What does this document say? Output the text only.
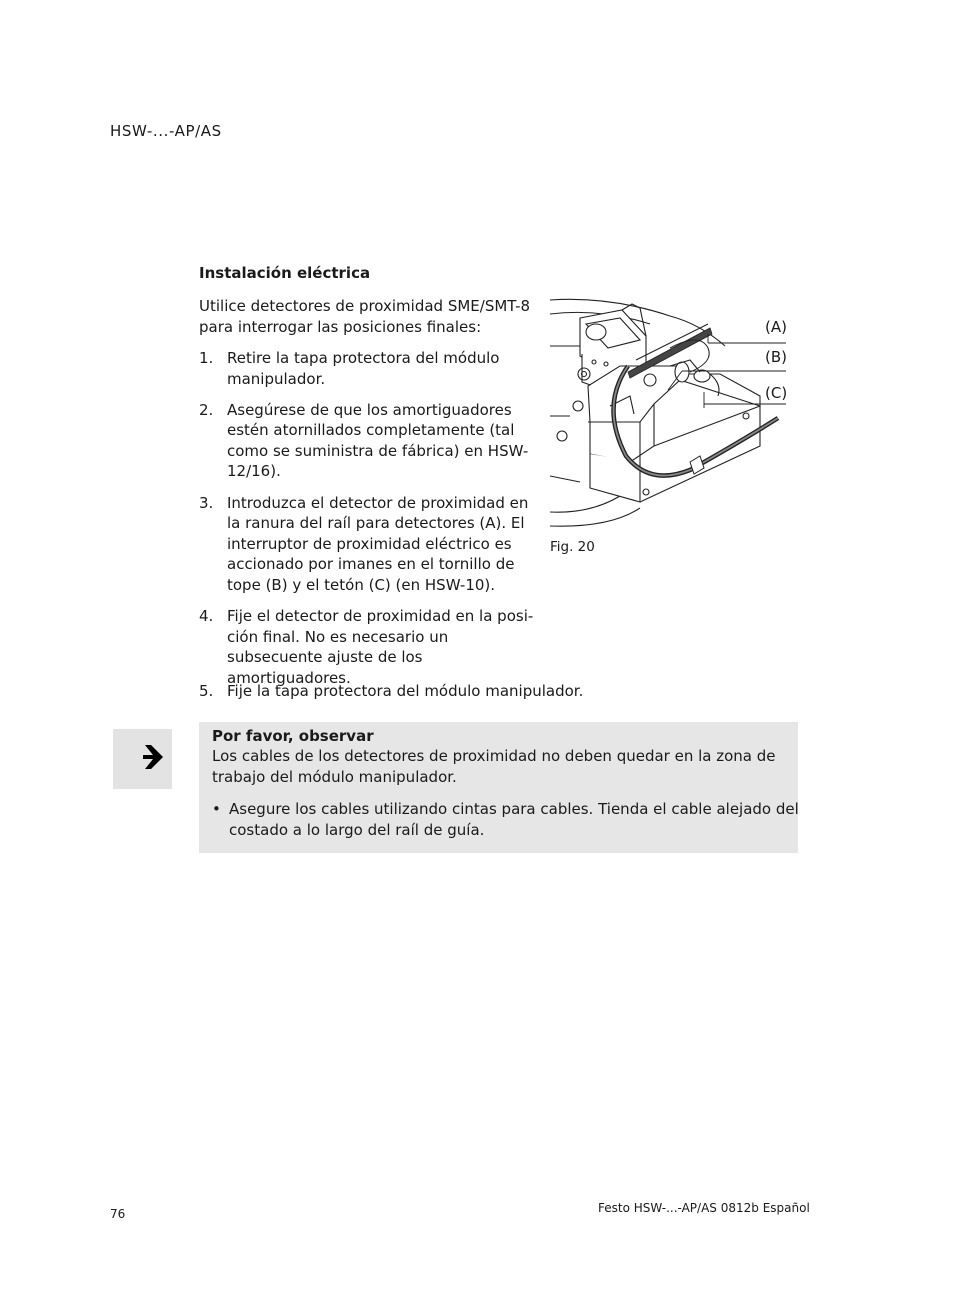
HSW-...-AP/AS
Instalación eléctrica
Utilice detectores de proximidad SME/SMT-8 para interrogar las posiciones finales:
1. Retire la tapa protectora del módulo manipulador.
2. Asegúrese de que los amortiguadores estén atornillados completamente (tal como se suministra de fábrica) en HSW-12/16).
3. Introduzca el detector de proximidad en la ranura del raíl para detectores (A). El interruptor de proximidad eléctrico es accionado por imanes en el tornillo de tope (B) y el tetón (C) (en HSW-10).
4. Fije el detector de proximidad en la posi-ción final. No es necesario un subsecuente ajuste de los amortiguadores.
5. Fije la tapa protectora del módulo manipulador.
(A)
(B)
(C)
Fig. 20
Por favor, observar
Los cables de los detectores de proximidad no deben quedar en la zona de trabajo del módulo manipulador.
• Asegure los cables utilizando cintas para cables. Tienda el cable alejado del costado a lo largo del raíl de guía.
76	Festo HSW-...-AP/AS 0812b Español
